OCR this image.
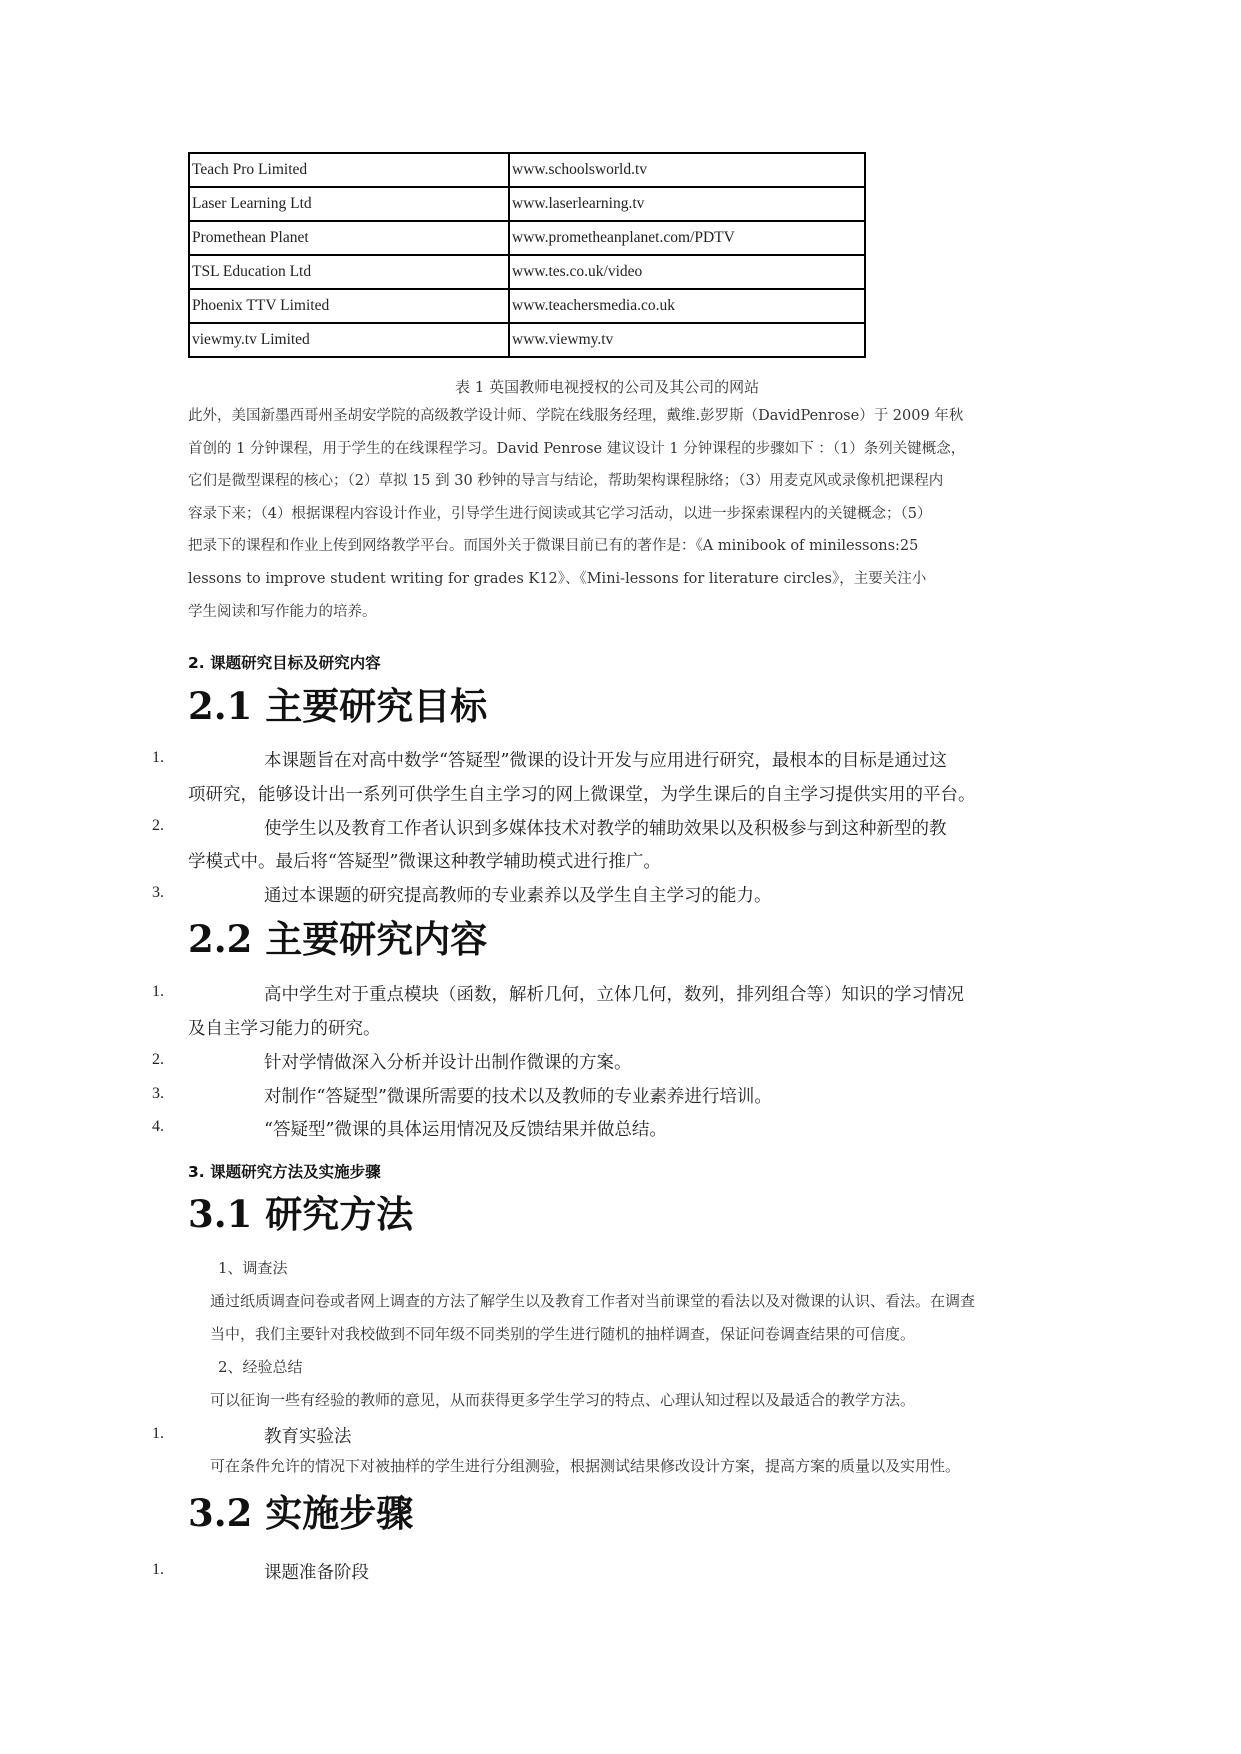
Teach Pro Limited	www.schoolsworld.tv
Laser Learning Ltd	www.laserlearning.tv
Promethean Planet	www.prometheanplanet.com/PDTV
TSL Education Ltd	www.tes.co.uk/video
Phoenix TTV Limited	www.teachersmedia.co.uk
viewmy.tv Limited	www.viewmy.tv
表 1 英国教师电视授权的公司及其公司的网站
此外，美国新墨西哥州圣胡安学院的高级教学设计师、学院在线服务经理，戴维.彭罗斯（DavidPenrose）于 2009 年秋
首创的 1 分钟课程，用于学生的在线课程学习。David Penrose 建议设计 1 分钟课程的步骤如下 ：（1）条列关键概念，
它们是微型课程的核心；（2）草拟 15 到 30 秒钟的导言与结论，帮助架构课程脉络；（3）用麦克风或录像机把课程内
容录下来；（4）根据课程内容设计作业，引导学生进行阅读或其它学习活动，以进一步探索课程内的关键概念；（5）
把录下的课程和作业上传到网络教学平台。而国外关于微课目前已有的著作是：《A minibook of minilessons:25
lessons to improve student writing for grades K12》、《Mini-lessons for literature circles》，主要关注小
学生阅读和写作能力的培养。
2. 课题研究目标及研究内容
2.1 主要研究目标
1.	本课题旨在对高中数学“答疑型”微课的设计开发与应用进行研究，最根本的目标是通过这
项研究，能够设计出一系列可供学生自主学习的网上微课堂，为学生课后的自主学习提供实用的平台。
2.	使学生以及教育工作者认识到多媒体技术对教学的辅助效果以及积极参与到这种新型的教
学模式中。最后将“答疑型”微课这种教学辅助模式进行推广。
3.	通过本课题的研究提高教师的专业素养以及学生自主学习的能力。
2.2 主要研究内容
1.	高中学生对于重点模块（函数，解析几何，立体几何，数列，排列组合等）知识的学习情况
及自主学习能力的研究。
2.	针对学情做深入分析并设计出制作微课的方案。
3.	对制作“答疑型”微课所需要的技术以及教师的专业素养进行培训。
4.	“答疑型”微课的具体运用情况及反馈结果并做总结。
3. 课题研究方法及实施步骤
3.1 研究方法
1、调查法
通过纸质调查问卷或者网上调查的方法了解学生以及教育工作者对当前课堂的看法以及对微课的认识、看法。在调查
当中，我们主要针对我校做到不同年级不同类别的学生进行随机的抽样调查，保证问卷调查结果的可信度。
2、经验总结
可以征询一些有经验的教师的意见，从而获得更多学生学习的特点、心理认知过程以及最适合的教学方法。
1.	教育实验法
可在条件允许的情况下对被抽样的学生进行分组测验，根据测试结果修改设计方案，提高方案的质量以及实用性。
3.2 实施步骤
1.	课题准备阶段
